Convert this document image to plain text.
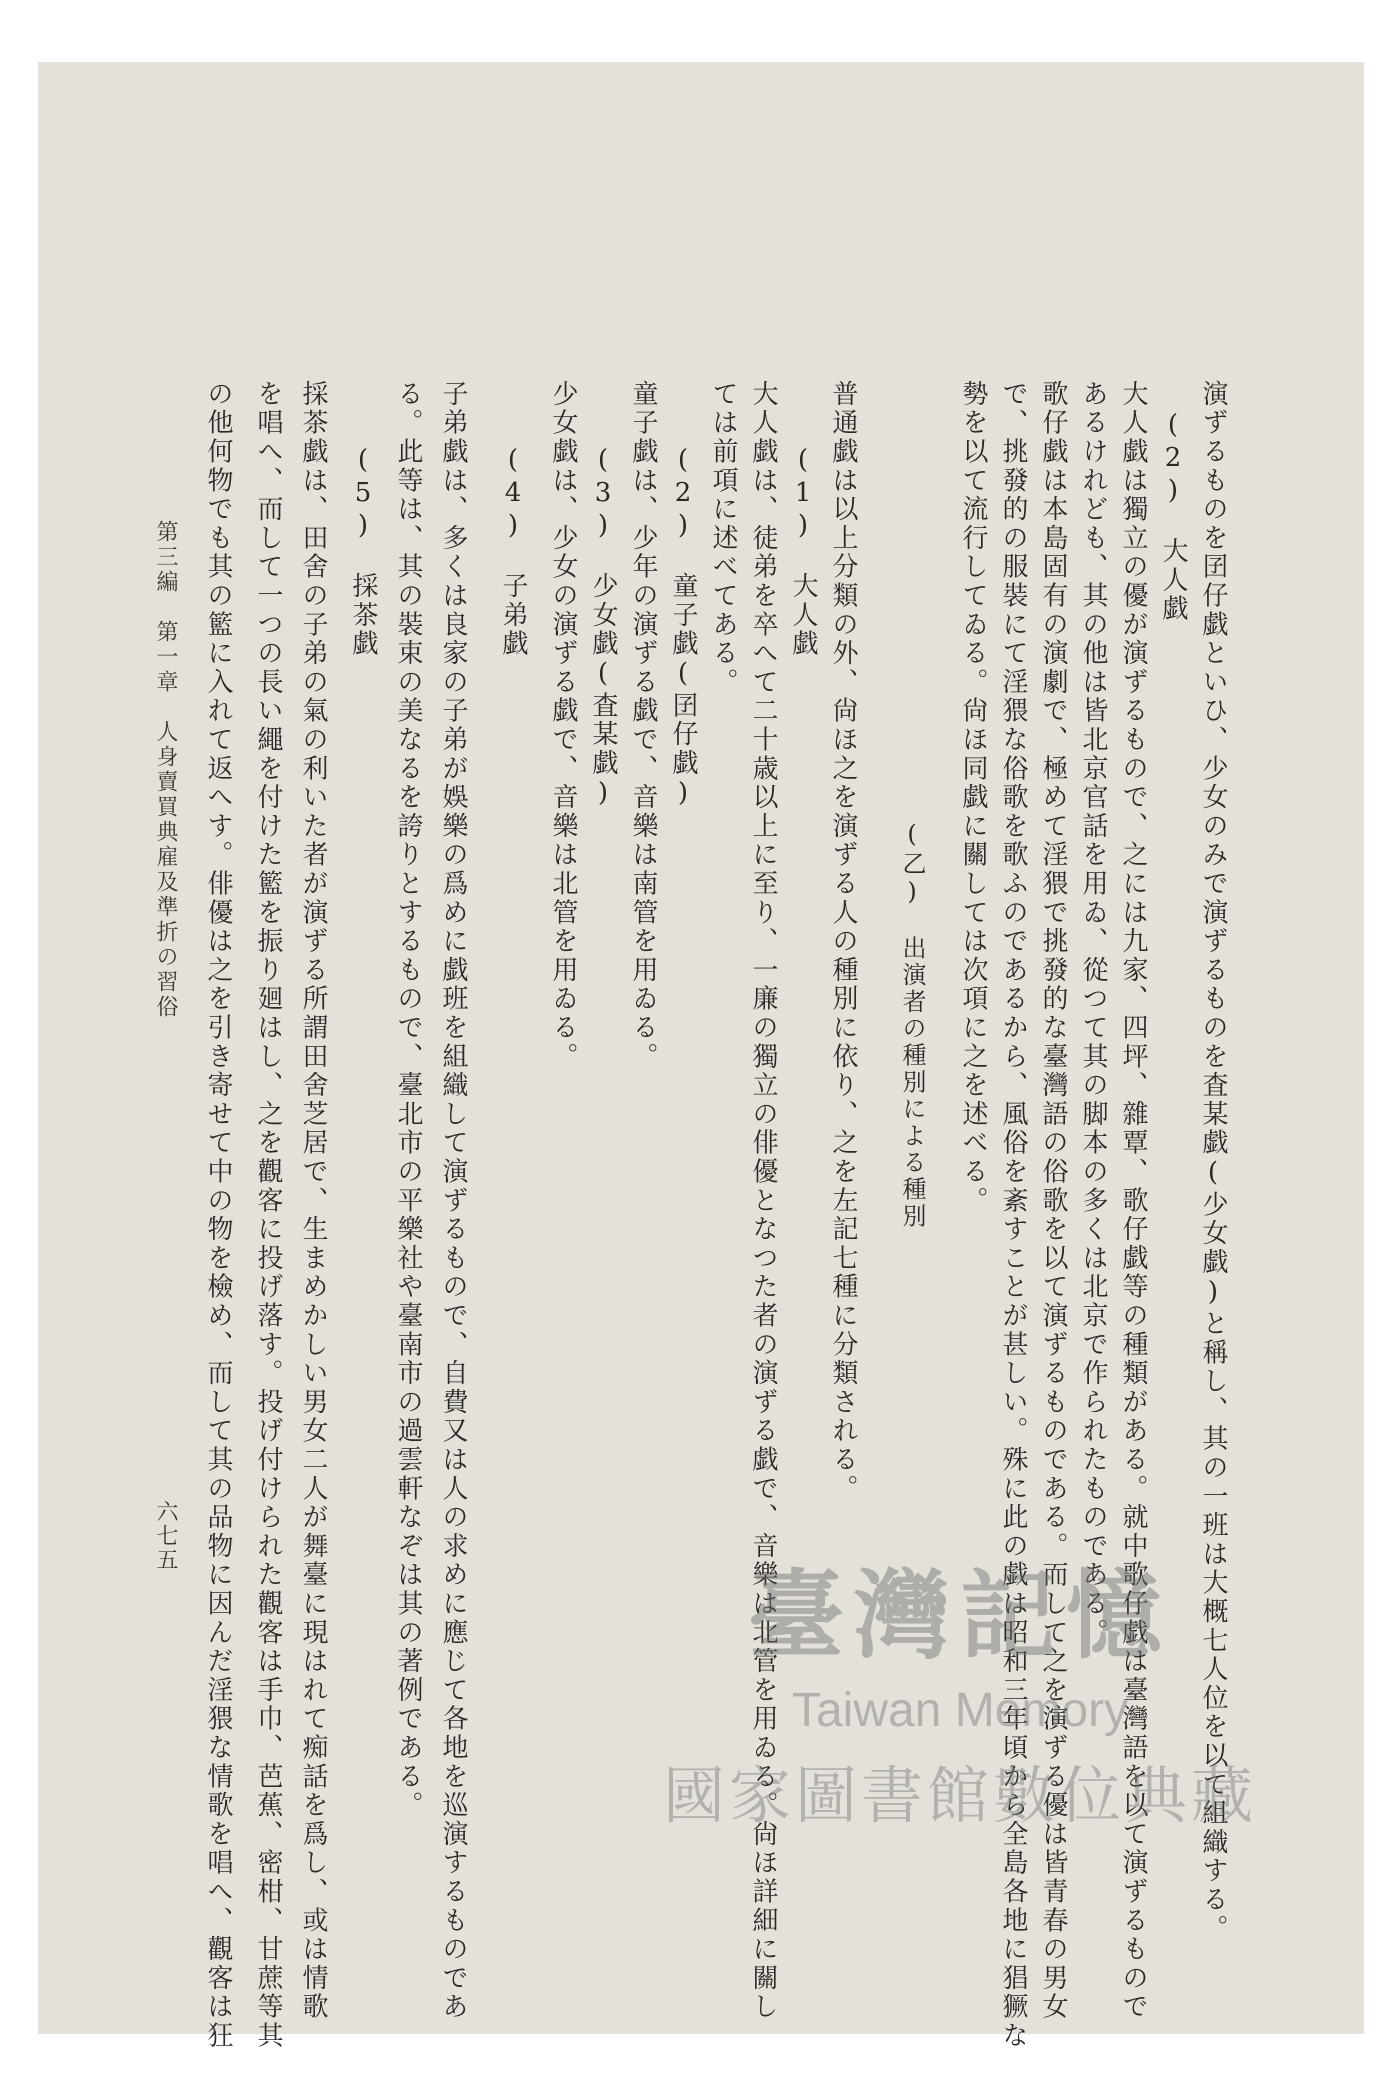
勢を以て流行してゐる。尙ほ同戯に關しては次項に之を述べる。 で、挑發的の服裝にて淫猥な俗歌を歌ふのであるから、風俗を紊すことが甚しい。殊に此の戯は昭和三年頃から全島各地に猖獗な 歌仔戯は本島固有の演劇で、極めて淫猥で挑發的な臺灣語の俗歌を以て演ずるものである。而して之を演ずる優は皆青春の男女 あるけれども、其の他は皆北京官話を用ゐ、從つて其の脚本の多くは北京で作られたものである。 大人戯は獨立の優が演ずるもので、之には九家、四坪、雜覃、歌仔戯等の種類がある。就中歌仔戯は臺灣語を以て演ずるもので (2)　大人戯 演ずるものを囝仔戯といひ、少女のみで演ずるものを査某戯(少女戯)と稱し、其の一班は大概七人位を以て組織する。
(乙)　出演者の種別による種別
普通戯は以上分類の外、尙ほ之を演ずる人の種別に依り、之を左記七種に分類される。
(1)　大人戯
大人戯は、徒弟を卒へて二十歳以上に至り、一廉の獨立の俳優となつた者の演ずる戯で、音樂は北管を用ゐる。尙ほ詳細に關し
ては前項に述べてある。
(2)　童子戯(囝仔戯)
童子戯は、少年の演ずる戯で、音樂は南管を用ゐる。
(3)　少女戯(査某戯)
少女戯は、少女の演ずる戯で、音樂は北管を用ゐる。
(4)　子弟戯
子弟戯は、多くは良家の子弟が娛樂の爲めに戯班を組織して演ずるもので、自費又は人の求めに應じて各地を巡演するものであ
る。此等は、其の裝束の美なるを誇りとするもので、臺北市の平樂社や臺南市の過雲軒なぞは其の著例である。
(5)　採茶戯
採茶戯は、田舍の子弟の氣の利いた者が演ずる所謂田舍芝居で、生まめかしい男女二人が舞臺に現はれて痴話を爲し、或は情歌
を唱へ、而して一つの長い繩を付けた籃を振り廻はし、之を觀客に投げ落す。投げ付けられた觀客は手巾、芭蕉、密柑、甘蔗等其
の他何物でも其の籃に入れて返へす。俳優は之を引き寄せて中の物を檢め、而して其の品物に因んだ淫猥な情歌を唱へ、觀客は狂
第三編　第一章　人身賣買典雇及準折の習俗
六七五
臺灣記憶
Taiwan Memory
國家圖書館數位典藏
